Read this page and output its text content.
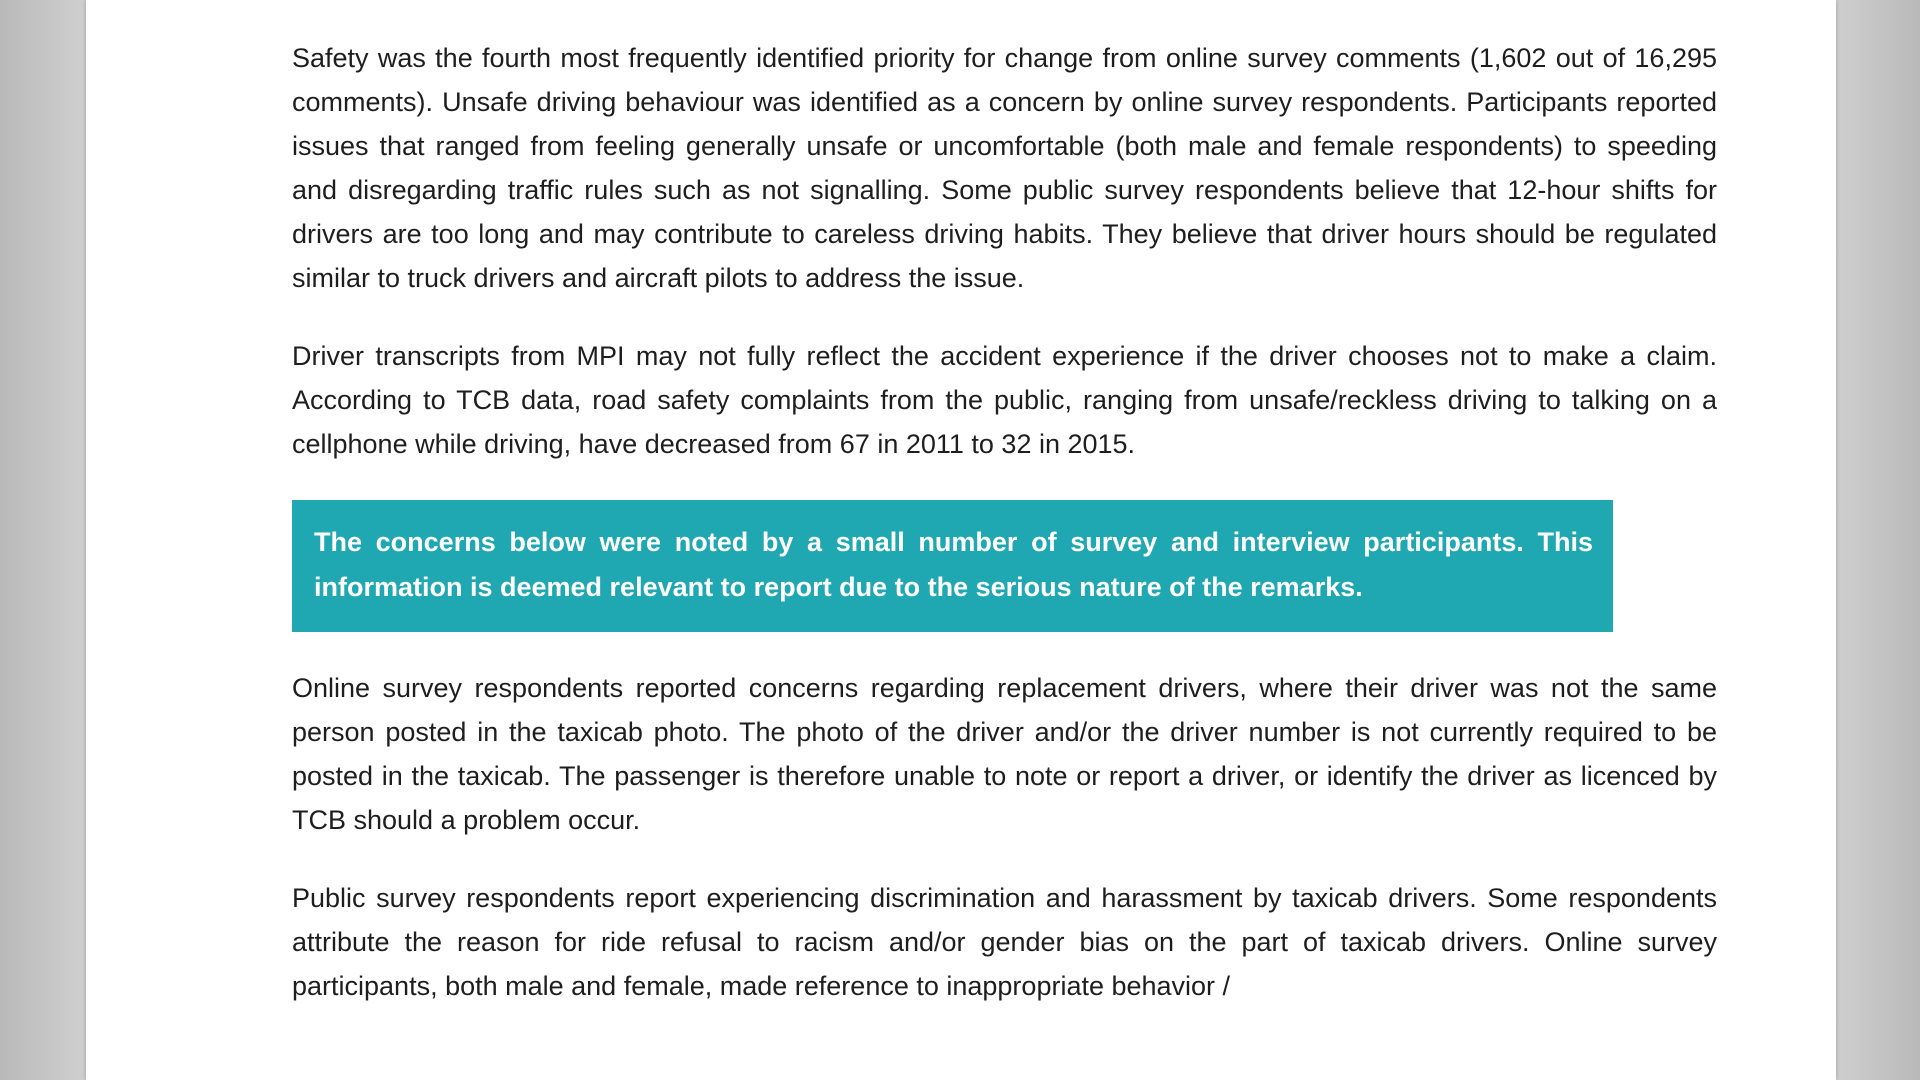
Safety was the fourth most frequently identified priority for change from online survey comments (1,602 out of 16,295 comments). Unsafe driving behaviour was identified as a concern by online survey respondents. Participants reported issues that ranged from feeling generally unsafe or uncomfortable (both male and female respondents) to speeding and disregarding traffic rules such as not signalling. Some public survey respondents believe that 12-hour shifts for drivers are too long and may contribute to careless driving habits. They believe that driver hours should be regulated similar to truck drivers and aircraft pilots to address the issue.

Driver transcripts from MPI may not fully reflect the accident experience if the driver chooses not to make a claim. According to TCB data, road safety complaints from the public, ranging from unsafe/reckless driving to talking on a cellphone while driving, have decreased from 67 in 2011 to 32 in 2015.

The concerns below were noted by a small number of survey and interview participants. This information is deemed relevant to report due to the serious nature of the remarks.

Online survey respondents reported concerns regarding replacement drivers, where their driver was not the same person posted in the taxicab photo. The photo of the driver and/or the driver number is not currently required to be posted in the taxicab. The passenger is therefore unable to note or report a driver, or identify the driver as licenced by TCB should a problem occur.

Public survey respondents report experiencing discrimination and harassment by taxicab drivers. Some respondents attribute the reason for ride refusal to racism and/or gender bias on the part of taxicab drivers. Online survey participants, both male and female, made reference to inappropriate behavior /
